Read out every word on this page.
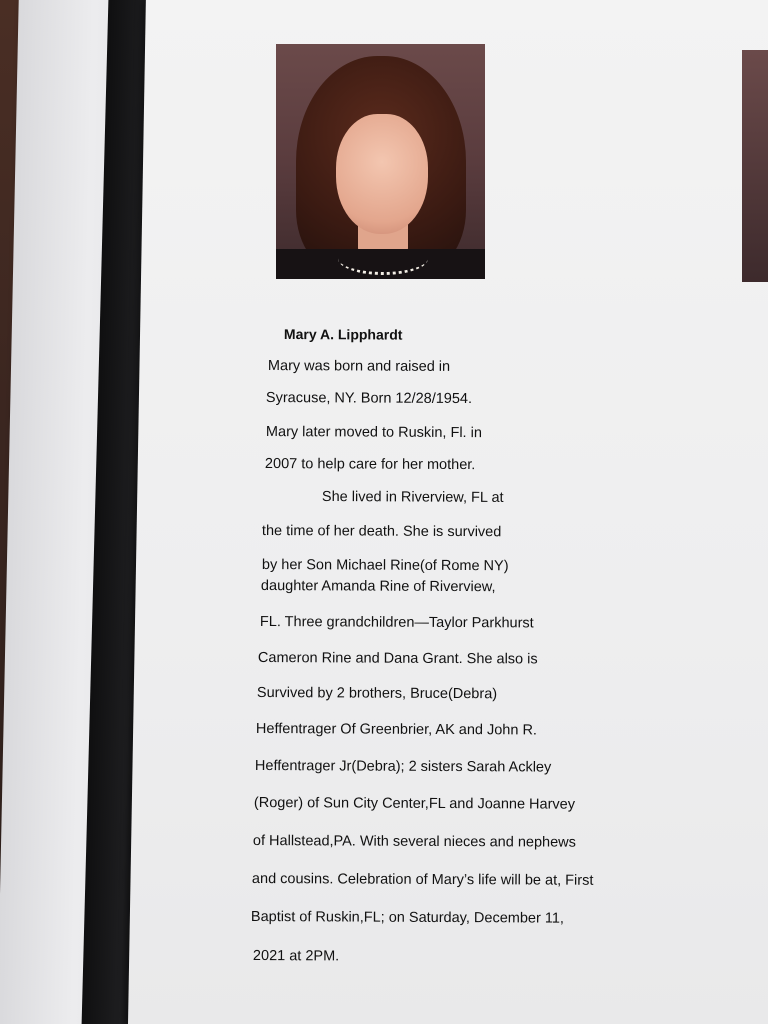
Mary A. Lipphardt
Mary was born and raised in
Syracuse, NY. Born 12/28/1954.
Mary later moved to Ruskin, Fl. in
2007 to help care for her mother.
She lived in Riverview, FL at
the time of her death. She is survived
by her Son Michael Rine(of Rome NY)
daughter Amanda Rine of Riverview,
FL. Three grandchildren—Taylor Parkhurst
Cameron Rine and Dana Grant. She also is
Survived by 2 brothers, Bruce(Debra)
Heffentrager Of Greenbrier, AK and John R.
Heffentrager Jr(Debra); 2 sisters Sarah Ackley
(Roger) of Sun City Center,FL and Joanne Harvey
of Hallstead,PA. With several nieces and nephews
and cousins. Celebration of Mary’s life will be at, First
Baptist of Ruskin,FL; on Saturday, December 11,
2021 at 2PM.
